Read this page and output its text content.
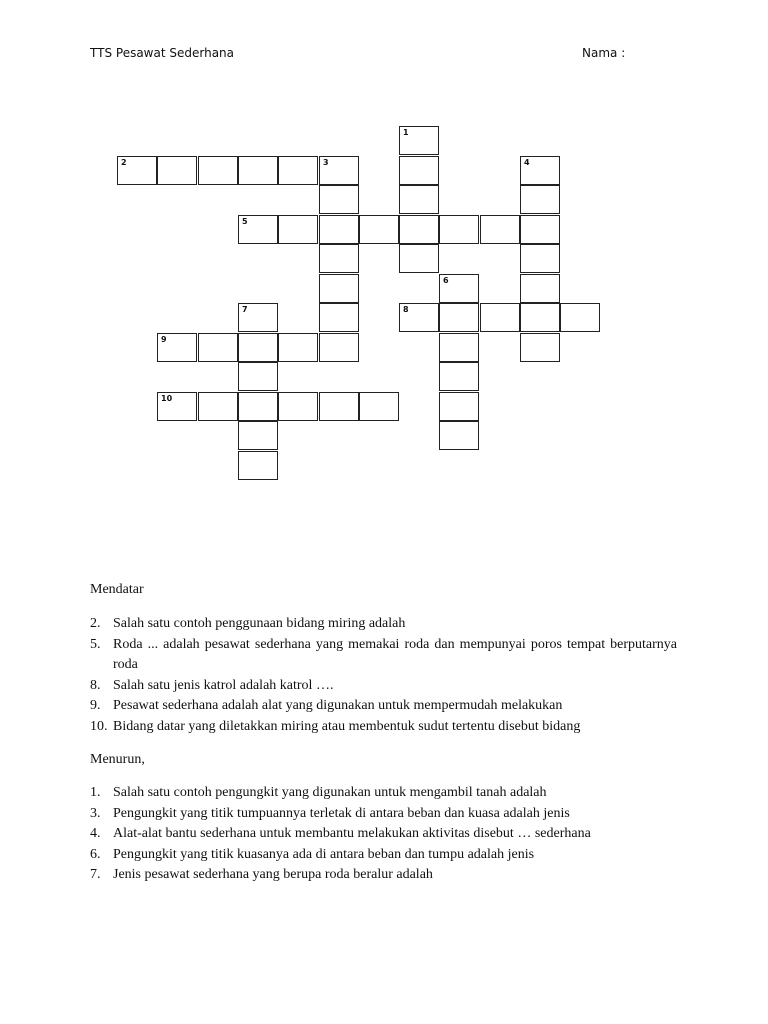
TTS Pesawat Sederhana	Nama :
1
2	3	4
5
6
7	8
9
10
Mendatar
2. Salah satu contoh penggunaan bidang miring adalah
5. Roda ... adalah pesawat sederhana yang memakai roda dan mempunyai poros tempat berputarnya roda
8. Salah satu jenis katrol adalah katrol ….
9. Pesawat sederhana adalah alat yang digunakan untuk mempermudah melakukan
10. Bidang datar yang diletakkan miring atau membentuk sudut tertentu disebut bidang
Menurun,
1. Salah satu contoh pengungkit yang digunakan untuk mengambil tanah adalah
3. Pengungkit yang titik tumpuannya terletak di antara beban dan kuasa adalah jenis
4. Alat-alat bantu sederhana untuk membantu melakukan aktivitas disebut … sederhana
6. Pengungkit yang titik kuasanya ada di antara beban dan tumpu adalah jenis
7. Jenis pesawat sederhana yang berupa roda beralur adalah
